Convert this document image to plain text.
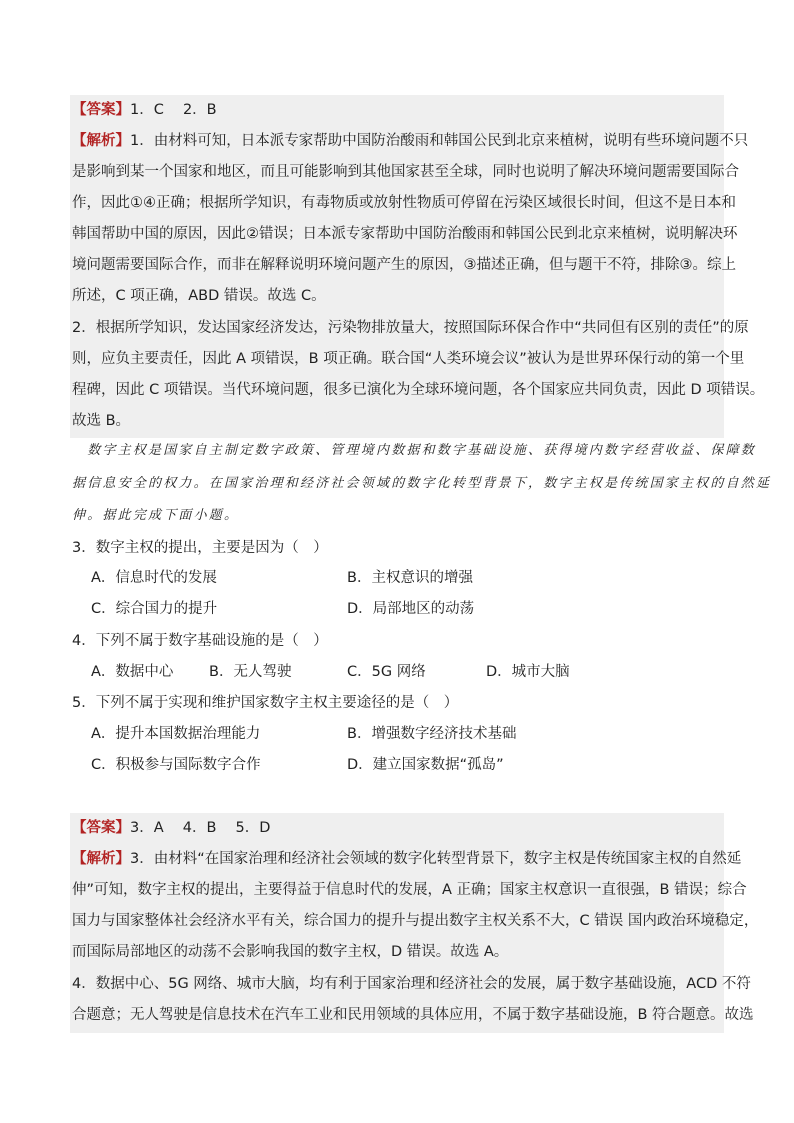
【答案】1．C　 2．B
【解析】1．由材料可知，日本派专家帮助中国防治酸雨和韩国公民到北京来植树，说明有些环境问题不只
是影响到某一个国家和地区，而且可能影响到其他国家甚至全球，同时也说明了解决环境问题需要国际合
作，因此①④正确；根据所学知识，有毒物质或放射性物质可停留在污染区域很长时间，但这不是日本和
韩国帮助中国的原因，因此②错误；日本派专家帮助中国防治酸雨和韩国公民到北京来植树，说明解决环
境问题需要国际合作，而非在解释说明环境问题产生的原因，③描述正确，但与题干不符，排除③。综上
所述，C 项正确，ABD 错误。故选 C。
2．根据所学知识，发达国家经济发达，污染物排放量大，按照国际环保合作中“共同但有区别的责任”的原
则，应负主要责任，因此 A 项错误，B 项正确。联合国“人类环境会议”被认为是世界环保行动的第一个里
程碑，因此 C 项错误。当代环境问题，很多已演化为全球环境问题，各个国家应共同负责，因此 D 项错误。
故选 B。
　数字主权是国家自主制定数字政策、管理境内数据和数字基础设施、获得境内数字经营收益、保障数
据信息安全的权力。在国家治理和经济社会领域的数字化转型背景下，数字主权是传统国家主权的自然延
伸。据此完成下面小题。
3．数字主权的提出，主要是因为（　）
A．信息时代的发展	B．主权意识的增强
C．综合国力的提升	D．局部地区的动荡
4．下列不属于数字基础设施的是（　）
A．数据中心 B．无人驾驶	C．5G 网络	D．城市大脑
5．下列不属于实现和维护国家数字主权主要途径的是（　）
A．提升本国数据治理能力	B．增强数字经济技术基础
C．积极参与国际数字合作	D．建立国家数据“孤岛”
【答案】3．A　 4．B　 5．D
【解析】3．由材料“在国家治理和经济社会领域的数字化转型背景下，数字主权是传统国家主权的自然延
伸”可知，数字主权的提出，主要得益于信息时代的发展，A 正确；国家主权意识一直很强，B 错误；综合
国力与国家整体社会经济水平有关，综合国力的提升与提出数字主权关系不大，C 错误 国内政治环境稳定，
而国际局部地区的动荡不会影响我国的数字主权，D 错误。故选 A。
4．数据中心、5G 网络、城市大脑，均有利于国家治理和经济社会的发展，属于数字基础设施，ACD 不符
合题意；无人驾驶是信息技术在汽车工业和民用领域的具体应用，不属于数字基础设施，B 符合题意。故选
